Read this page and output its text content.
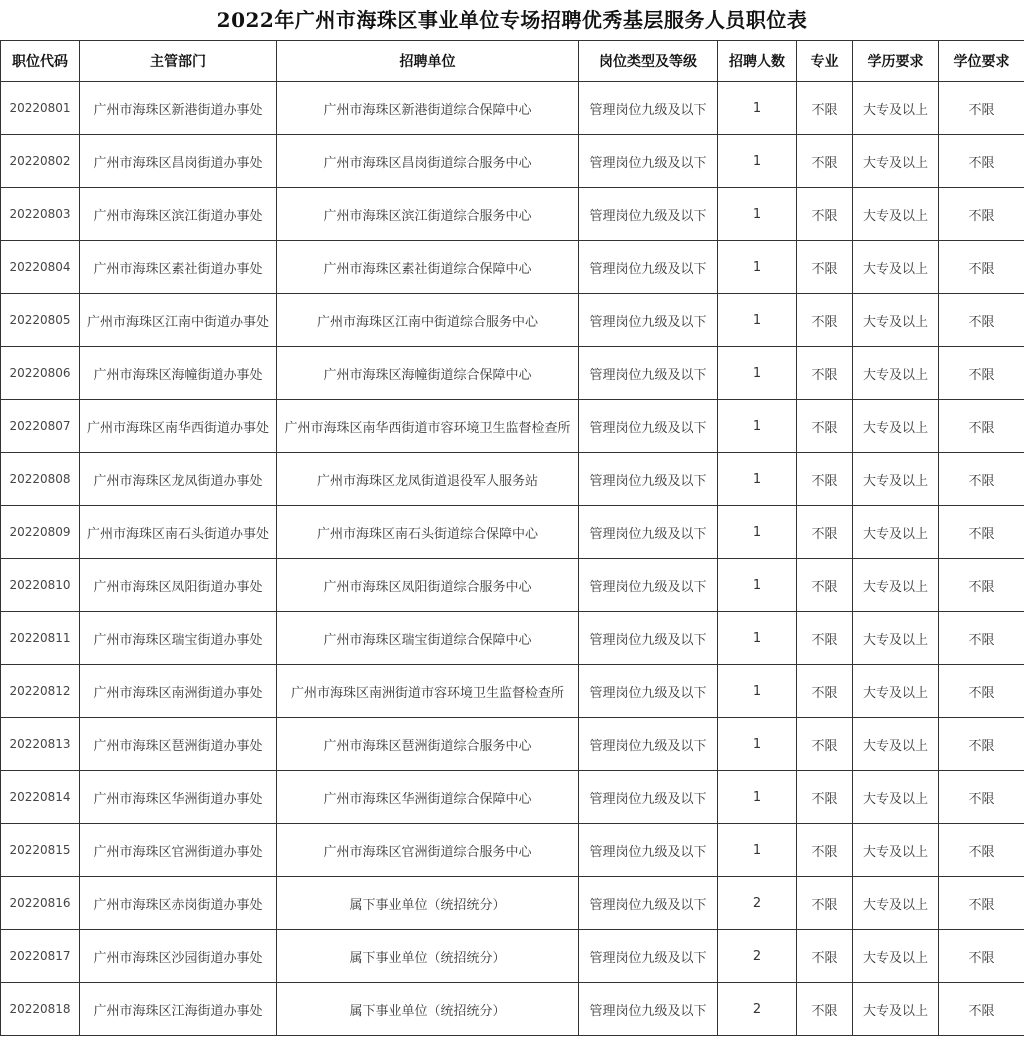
2022年广州市海珠区事业单位专场招聘优秀基层服务人员职位表
职位代码	主管部门	招聘单位	岗位类型及等级	招聘人数	专业	学历要求	学位要求
20220801	广州市海珠区新港街道办事处	广州市海珠区新港街道综合保障中心	管理岗位九级及以下	1	不限	大专及以上	不限
20220802	广州市海珠区昌岗街道办事处	广州市海珠区昌岗街道综合服务中心	管理岗位九级及以下	1	不限	大专及以上	不限
20220803	广州市海珠区滨江街道办事处	广州市海珠区滨江街道综合服务中心	管理岗位九级及以下	1	不限	大专及以上	不限
20220804	广州市海珠区素社街道办事处	广州市海珠区素社街道综合保障中心	管理岗位九级及以下	1	不限	大专及以上	不限
20220805	广州市海珠区江南中街道办事处	广州市海珠区江南中街道综合服务中心	管理岗位九级及以下	1	不限	大专及以上	不限
20220806	广州市海珠区海幢街道办事处	广州市海珠区海幢街道综合保障中心	管理岗位九级及以下	1	不限	大专及以上	不限
20220807	广州市海珠区南华西街道办事处	广州市海珠区南华西街道市容环境卫生监督检查所	管理岗位九级及以下	1	不限	大专及以上	不限
20220808	广州市海珠区龙凤街道办事处	广州市海珠区龙凤街道退役军人服务站	管理岗位九级及以下	1	不限	大专及以上	不限
20220809	广州市海珠区南石头街道办事处	广州市海珠区南石头街道综合保障中心	管理岗位九级及以下	1	不限	大专及以上	不限
20220810	广州市海珠区凤阳街道办事处	广州市海珠区凤阳街道综合服务中心	管理岗位九级及以下	1	不限	大专及以上	不限
20220811	广州市海珠区瑞宝街道办事处	广州市海珠区瑞宝街道综合保障中心	管理岗位九级及以下	1	不限	大专及以上	不限
20220812	广州市海珠区南洲街道办事处	广州市海珠区南洲街道市容环境卫生监督检查所	管理岗位九级及以下	1	不限	大专及以上	不限
20220813	广州市海珠区琶洲街道办事处	广州市海珠区琶洲街道综合服务中心	管理岗位九级及以下	1	不限	大专及以上	不限
20220814	广州市海珠区华洲街道办事处	广州市海珠区华洲街道综合保障中心	管理岗位九级及以下	1	不限	大专及以上	不限
20220815	广州市海珠区官洲街道办事处	广州市海珠区官洲街道综合服务中心	管理岗位九级及以下	1	不限	大专及以上	不限
20220816	广州市海珠区赤岗街道办事处	属下事业单位（统招统分）	管理岗位九级及以下	2	不限	大专及以上	不限
20220817	广州市海珠区沙园街道办事处	属下事业单位（统招统分）	管理岗位九级及以下	2	不限	大专及以上	不限
20220818	广州市海珠区江海街道办事处	属下事业单位（统招统分）	管理岗位九级及以下	2	不限	大专及以上	不限
